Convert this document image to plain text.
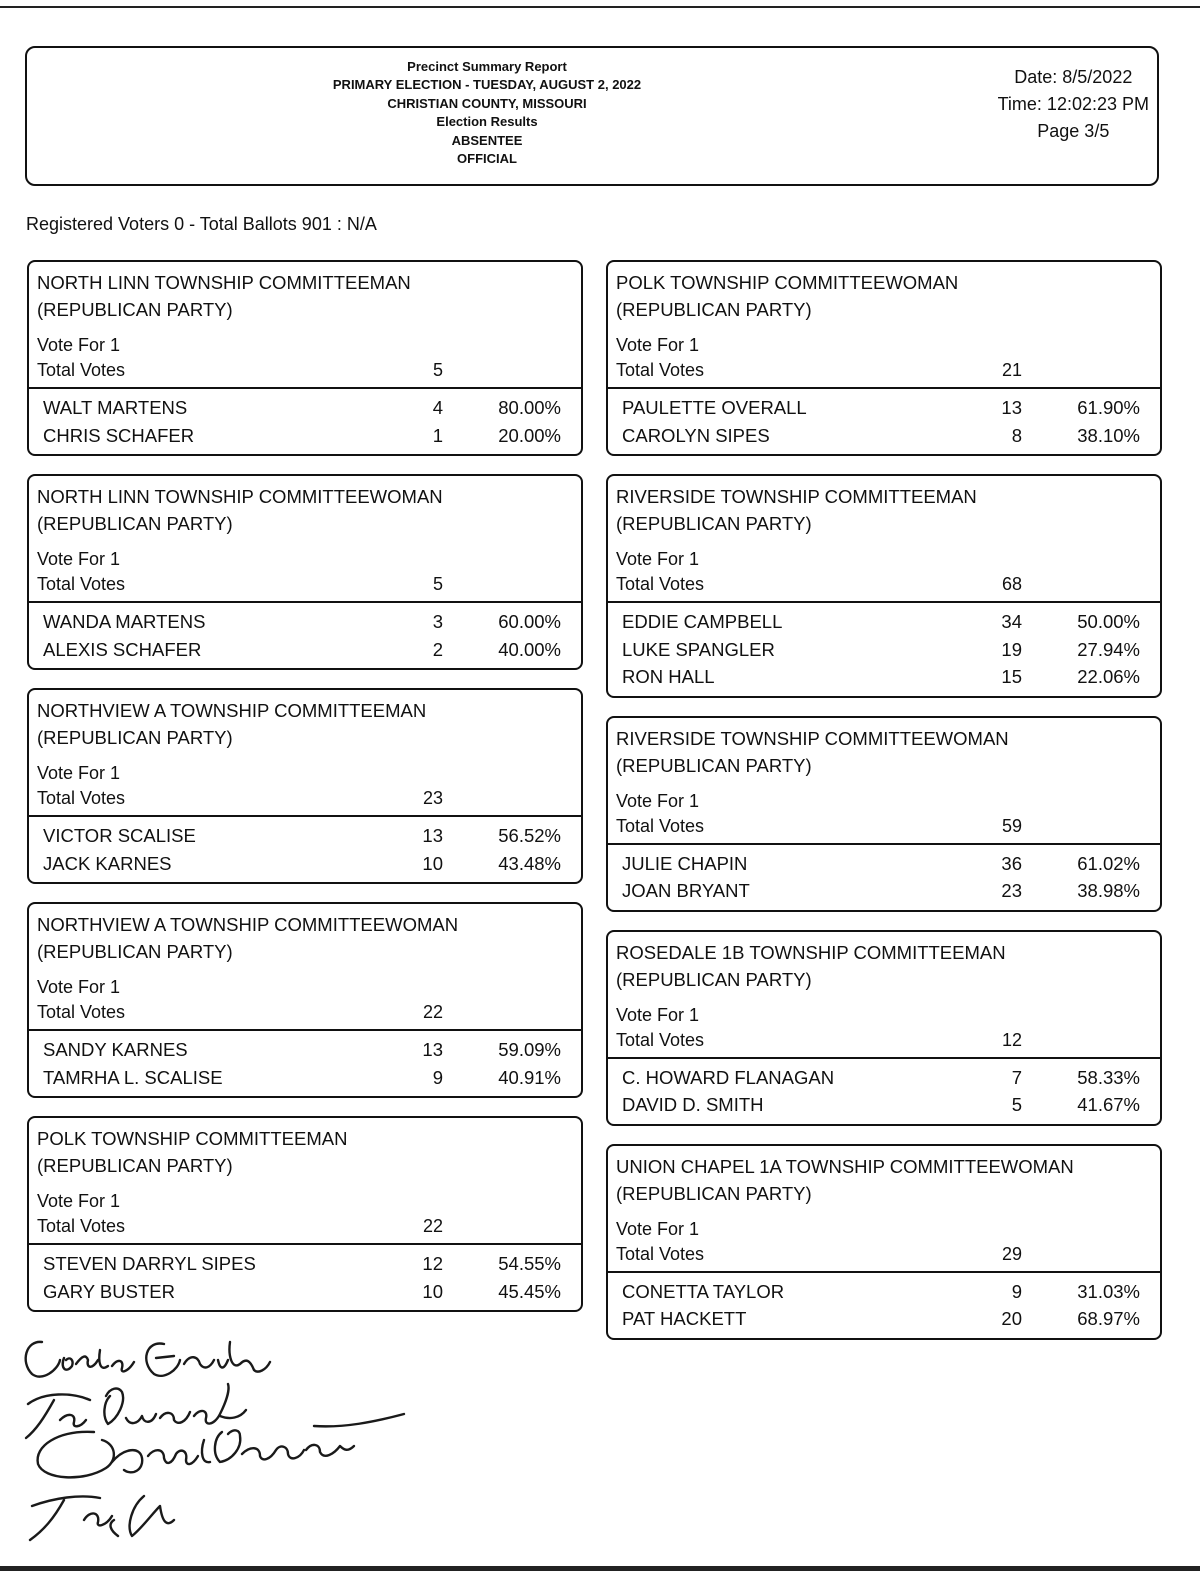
Precinct Summary Report
PRIMARY ELECTION - TUESDAY, AUGUST 2, 2022
CHRISTIAN COUNTY, MISSOURI
Election Results
ABSENTEE
OFFICIAL
Date: 8/5/2022
Time: 12:02:23 PM
Page 3/5
Registered Voters 0 - Total Ballots 901 : N/A
NORTH LINN TOWNSHIP COMMITTEEMAN
(REPUBLICAN PARTY)
Vote For 1
Total Votes	5
WALT MARTENS	4	80.00%
CHRIS SCHAFER	1	20.00%
NORTH LINN TOWNSHIP COMMITTEEWOMAN
(REPUBLICAN PARTY)
Vote For 1
Total Votes	5
WANDA MARTENS	3	60.00%
ALEXIS SCHAFER	2	40.00%
NORTHVIEW A TOWNSHIP COMMITTEEMAN
(REPUBLICAN PARTY)
Vote For 1
Total Votes	23
VICTOR SCALISE	13	56.52%
JACK KARNES	10	43.48%
NORTHVIEW A TOWNSHIP COMMITTEEWOMAN
(REPUBLICAN PARTY)
Vote For 1
Total Votes	22
SANDY KARNES	13	59.09%
TAMRHA L. SCALISE	9	40.91%
POLK TOWNSHIP COMMITTEEMAN
(REPUBLICAN PARTY)
Vote For 1
Total Votes	22
STEVEN DARRYL SIPES	12	54.55%
GARY BUSTER	10	45.45%
POLK TOWNSHIP COMMITTEEWOMAN
(REPUBLICAN PARTY)
Vote For 1
Total Votes	21
PAULETTE OVERALL	13	61.90%
CAROLYN SIPES	8	38.10%
RIVERSIDE TOWNSHIP COMMITTEEMAN
(REPUBLICAN PARTY)
Vote For 1
Total Votes	68
EDDIE CAMPBELL	34	50.00%
LUKE SPANGLER	19	27.94%
RON HALL	15	22.06%
RIVERSIDE TOWNSHIP COMMITTEEWOMAN
(REPUBLICAN PARTY)
Vote For 1
Total Votes	59
JULIE CHAPIN	36	61.02%
JOAN BRYANT	23	38.98%
ROSEDALE 1B TOWNSHIP COMMITTEEMAN
(REPUBLICAN PARTY)
Vote For 1
Total Votes	12
C. HOWARD FLANAGAN	7	58.33%
DAVID D. SMITH	5	41.67%
UNION CHAPEL 1A TOWNSHIP COMMITTEEWOMAN
(REPUBLICAN PARTY)
Vote For 1
Total Votes	29
CONETTA TAYLOR	9	31.03%
PAT HACKETT	20	68.97%
